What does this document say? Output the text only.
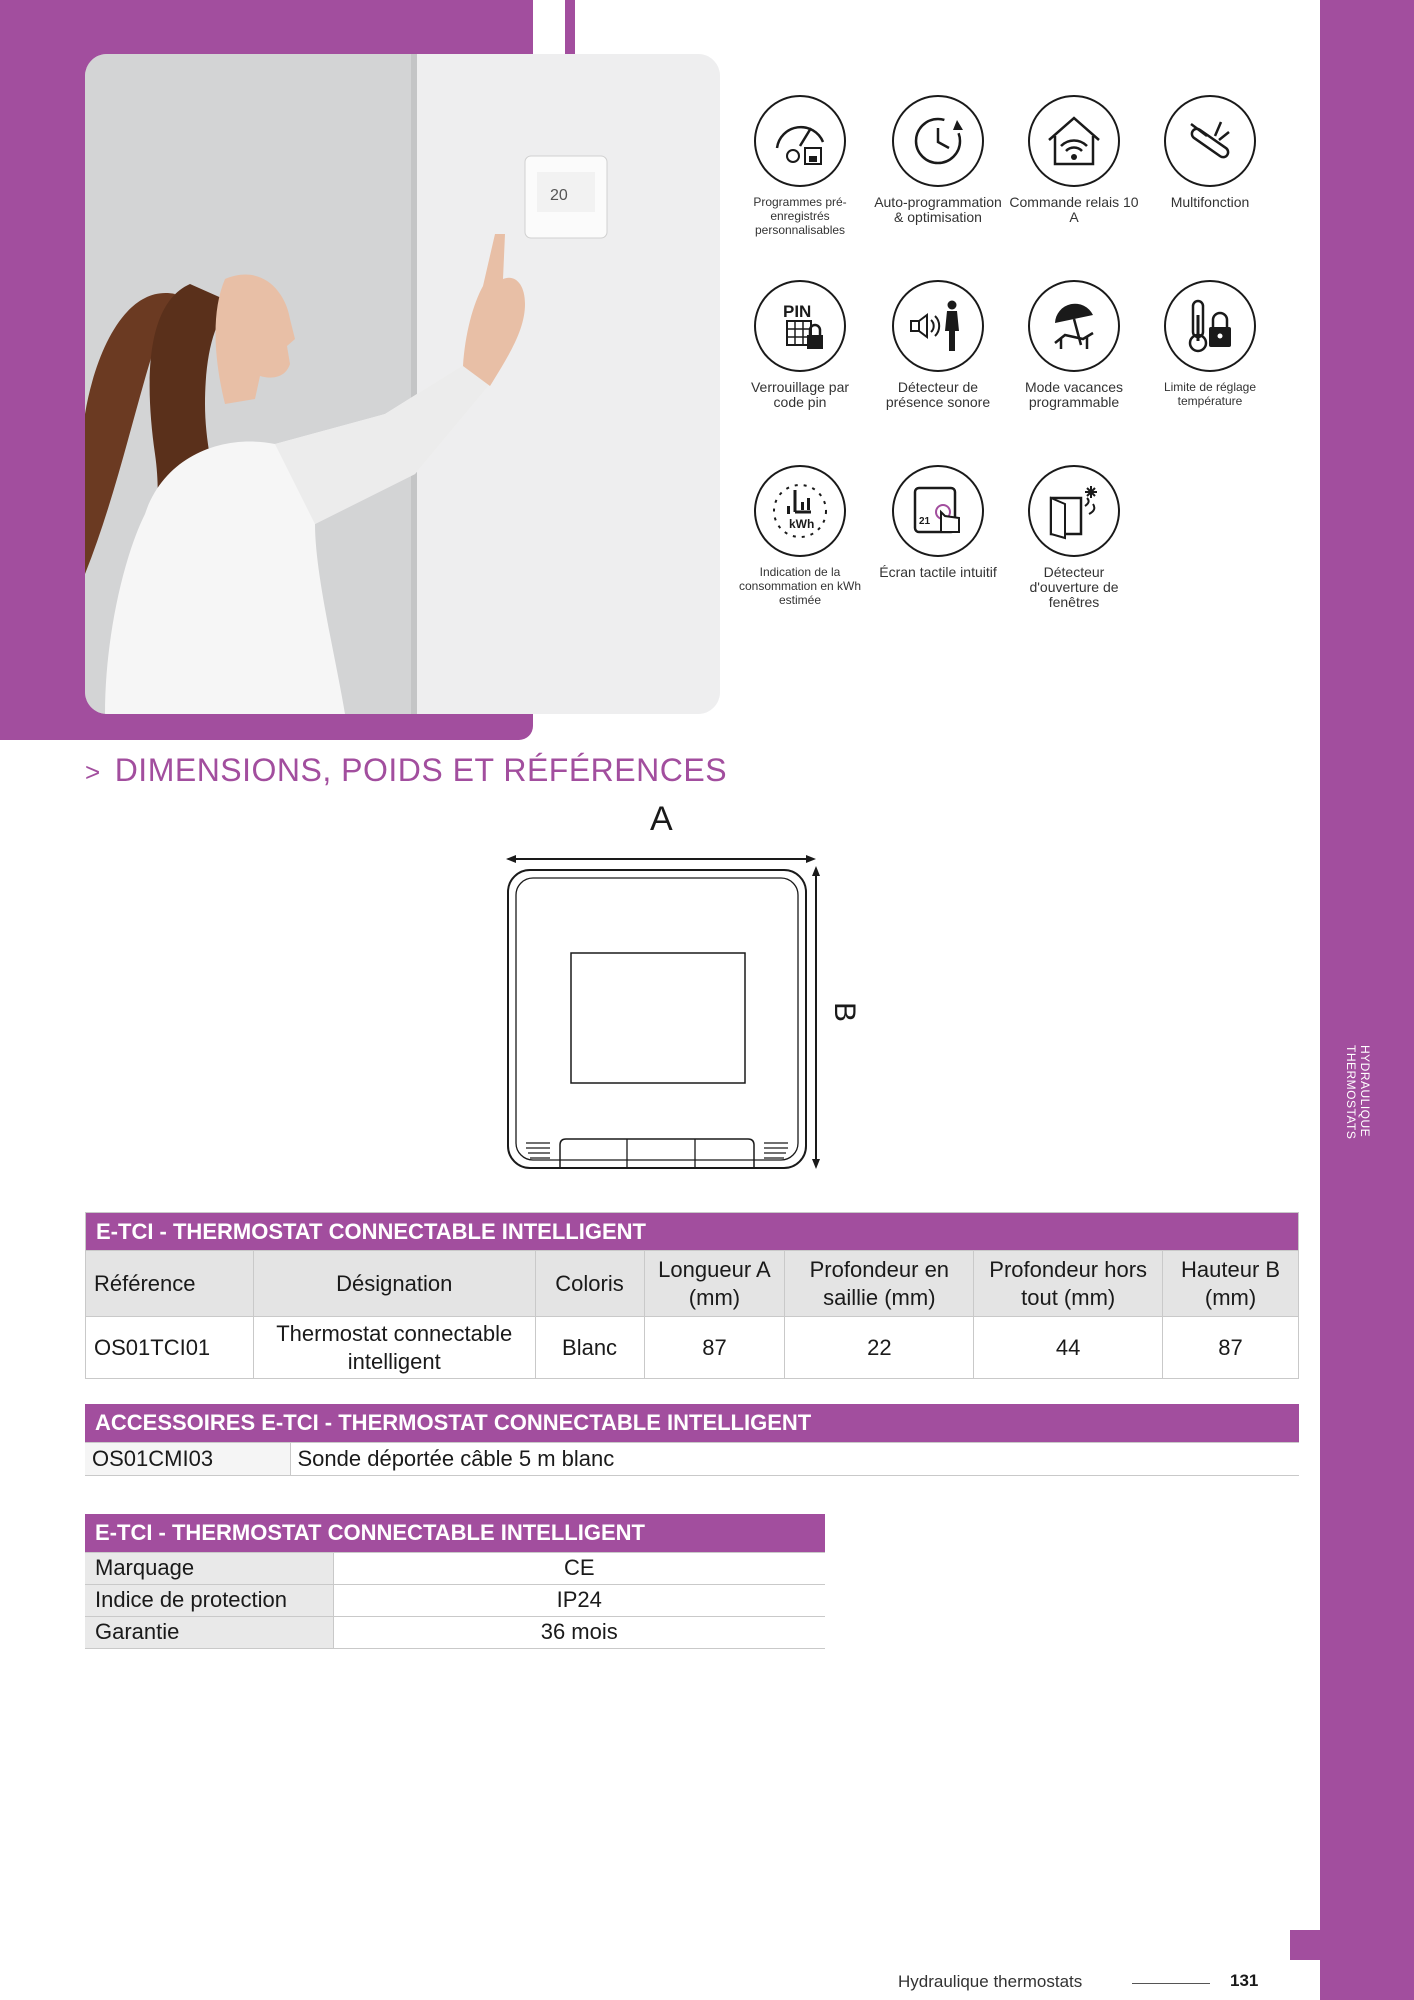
HYDRAULIQUE
THERMOSTATS
20	Programmes pré-enregistrés personnalisables
Auto-programmation & optimisation
Commande relais 10 A
Multifonction
PIN
Verrouillage par code pin
Détecteur de présence sonore
Mode vacances programmable
Limite de réglage température
kWh
Indication de la consommation en kWh estimée
21
Écran tactile intuitif	Détecteur d'ouverture de fenêtres
> DIMENSIONS, POIDS ET RÉFÉRENCES
A
B
E-TCI - THERMOSTAT CONNECTABLE INTELLIGENT						
Référence	Désignation	Coloris	Longueur A (mm)	Profondeur en saillie (mm)	Profondeur hors tout (mm)	Hauteur B (mm)
OS01TCI01	Thermostat connectable intelligent	Blanc	87	22	44	87
ACCESSOIRES E-TCI - THERMOSTAT CONNECTABLE INTELLIGENT
OS01CMI03	Sonde déportée câble 5 m blanc
E-TCI - THERMOSTAT CONNECTABLE INTELLIGENT	
Marquage	CE
Indice de protection	IP24
Garantie	36 mois
Hydraulique thermostats	131
